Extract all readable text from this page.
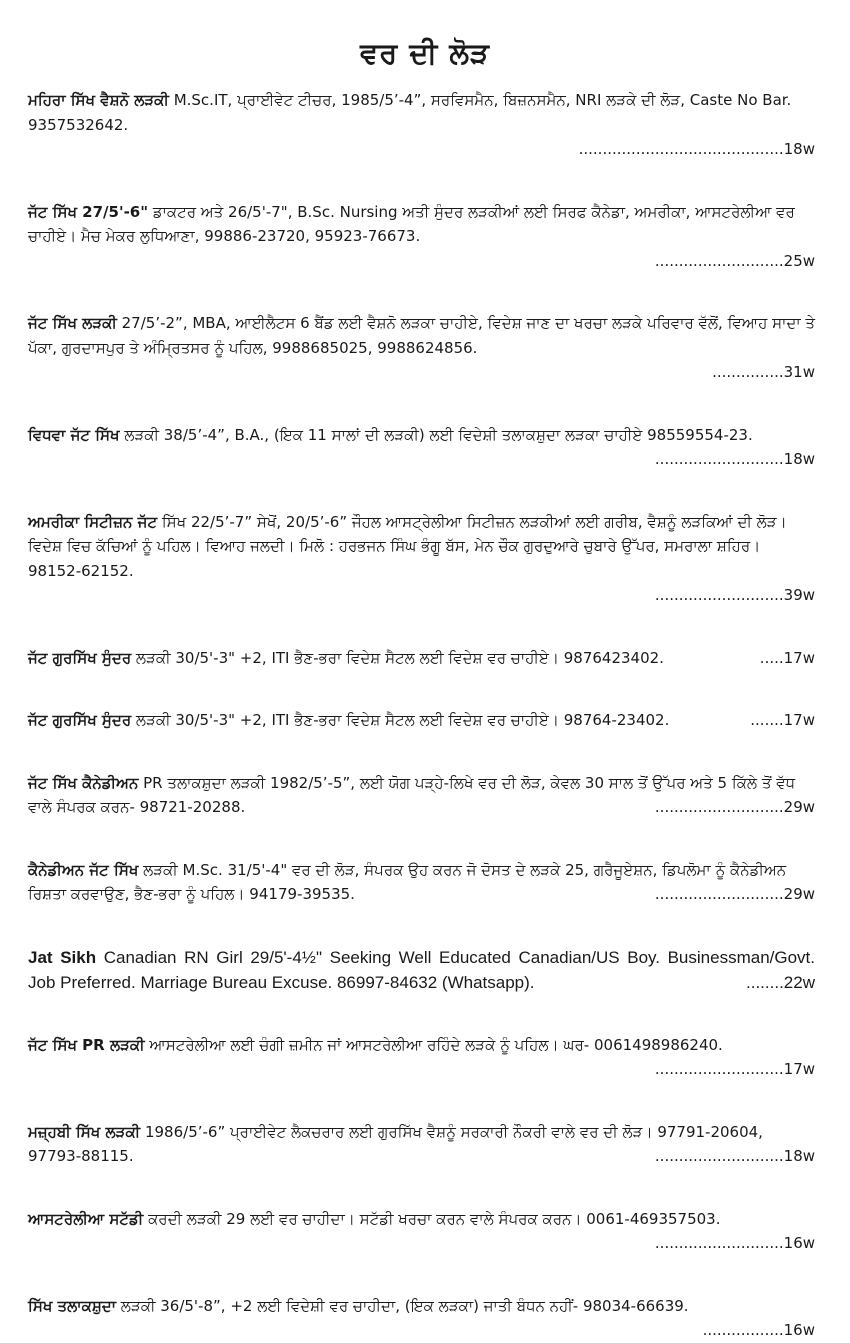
ਵਰ ਦੀ ਲੋੜ
ਮਹਿਰਾ ਸਿੱਖ ਵੈਸ਼ਨੋ ਲੜਕੀ M.Sc.IT, ਪ੍ਰਾਈਵੇਟ ਟੀਚਰ, 1985/5’-4”, ਸਰਵਿਸਮੈਨ, ਬਿਜ਼ਨਸਮੈਨ, NRI ਲੜਕੇ ਦੀ ਲੋੜ, Caste No Bar. 9357532642.
...........................................18w
ਜੱਟ ਸਿੱਖ 27/5'-6" ਡਾਕਟਰ ਅਤੇ 26/5'-7", B.Sc. Nursing ਅਤੀ ਸੁੰਦਰ ਲੜਕੀਆਂ ਲਈ ਸਿਰਫ ਕੈਨੇਡਾ, ਅਮਰੀਕਾ, ਆਸਟਰੇਲੀਆ ਵਰ ਚਾਹੀਏ। ਮੈਚ ਮੇਕਰ ਲੁਧਿਆਣਾ, 99886-23720, 95923-76673.
...........................25w
ਜੱਟ ਸਿੱਖ ਲੜਕੀ 27/5’-2”, MBA, ਆਈਲੈਟਸ 6 ਬੈਂਡ ਲਈ ਵੈਸ਼ਨੋ ਲੜਕਾ ਚਾਹੀਏ, ਵਿਦੇਸ਼ ਜਾਣ ਦਾ ਖਰਚਾ ਲੜਕੇ ਪਰਿਵਾਰ ਵੱਲੋਂ, ਵਿਆਹ ਸਾਦਾ ਤੇ ਪੱਕਾ, ਗੁਰਦਾਸਪੁਰ ਤੇ ਅੰਮ੍ਰਿਤਸਰ ਨੂੰ ਪਹਿਲ, 9988685025, 9988624856.
...............31w
ਵਿਧਵਾ ਜੱਟ ਸਿੱਖ ਲੜਕੀ 38/5’-4”, B.A., (ਇਕ 11 ਸਾਲਾਂ ਦੀ ਲੜਕੀ) ਲਈ ਵਿਦੇਸ਼ੀ ਤਲਾਕਸ਼ੁਦਾ ਲੜਕਾ ਚਾਹੀਏ 98559554-23.
...........................18w
ਅਮਰੀਕਾ ਸਿਟੀਜ਼ਨ ਜੱਟ ਸਿੱਖ 22/5’-7” ਸੇਖੋਂ, 20/5’-6” ਜੌਹਲ ਆਸਟ੍ਰੇਲੀਆ ਸਿਟੀਜ਼ਨ ਲੜਕੀਆਂ ਲਈ ਗਰੀਬ, ਵੈਸ਼ਨੂੰ ਲੜਕਿਆਂ ਦੀ ਲੋੜ। ਵਿਦੇਸ਼ ਵਿਚ ਕੱਚਿਆਂ ਨੂੰ ਪਹਿਲ। ਵਿਆਹ ਜਲਦੀ। ਮਿਲੋ : ਹਰਭਜਨ ਸਿੰਘ ਭੰਗੂ ਬੱਸ, ਮੇਨ ਚੌਕ ਗੁਰਦੁਆਰੇ ਚੁਬਾਰੇ ਉੱਪਰ, ਸਮਰਾਲਾ ਸ਼ਹਿਰ। 98152-62152.
...........................39w
ਜੱਟ ਗੁਰਸਿੱਖ ਸੁੰਦਰ ਲੜਕੀ 30/5'-3" +2, ITI ਭੈਣ-ਭਰਾ ਵਿਦੇਸ਼ ਸੈਟਲ ਲਈ ਵਿਦੇਸ਼ ਵਰ ਚਾਹੀਏ। 9876423402.	.....17w
ਜੱਟ ਗੁਰਸਿੱਖ ਸੁੰਦਰ ਲੜਕੀ 30/5'-3" +2, ITI ਭੈਣ-ਭਰਾ ਵਿਦੇਸ਼ ਸੈਟਲ ਲਈ ਵਿਦੇਸ਼ ਵਰ ਚਾਹੀਏ। 98764-23402.	.......17w
ਜੱਟ ਸਿੱਖ ਕੈਨੇਡੀਅਨ PR ਤਲਾਕਸ਼ੁਦਾ ਲੜਕੀ 1982/5’-5”, ਲਈ ਯੋਗ ਪੜ੍ਹੇ-ਲਿਖੇ ਵਰ ਦੀ ਲੋੜ, ਕੇਵਲ 30 ਸਾਲ ਤੋਂ ਉੱਪਰ ਅਤੇ 5 ਕਿੱਲੇ ਤੋਂ ਵੱਧ ਵਾਲੇ ਸੰਪਰਕ ਕਰਨ- 98721-20288.	...........................29w
ਕੈਨੇਡੀਅਨ ਜੱਟ ਸਿੱਖ ਲੜਕੀ M.Sc. 31/5'-4" ਵਰ ਦੀ ਲੋੜ, ਸੰਪਰਕ ਉਹ ਕਰਨ ਜੋ ਦੋਸਤ ਦੇ ਲੜਕੇ 25, ਗਰੈਜੂਏਸ਼ਨ, ਡਿਪਲੋਮਾ ਨੂੰ ਕੈਨੇਡੀਅਨ ਰਿਸ਼ਤਾ ਕਰਵਾਉਣ, ਭੈਣ-ਭਰਾ ਨੂੰ ਪਹਿਲ। 94179-39535.	...........................29w
Jat Sikh Canadian RN Girl 29/5'-4½" Seeking Well Educated Canadian/US Boy. Businessman/Govt. Job Preferred. Marriage Bureau Excuse. 86997-84632 (Whatsapp).	........22w
ਜੱਟ ਸਿੱਖ PR ਲੜਕੀ ਆਸਟਰੇਲੀਆ ਲਈ ਚੰਗੀ ਜ਼ਮੀਨ ਜਾਂ ਆਸਟਰੇਲੀਆ ਰਹਿੰਦੇ ਲੜਕੇ ਨੂੰ ਪਹਿਲ। ਘਰ- 0061498986240.
...........................17w
ਮਜ਼੍ਹਬੀ ਸਿੱਖ ਲੜਕੀ 1986/5’-6” ਪ੍ਰਾਈਵੇਟ ਲੈਕਚਰਾਰ ਲਈ ਗੁਰਸਿੱਖ ਵੈਸ਼ਨੂੰ ਸਰਕਾਰੀ ਨੌਕਰੀ ਵਾਲੇ ਵਰ ਦੀ ਲੋੜ। 97791-20604, 97793-88115.	...........................18w
ਆਸਟਰੇਲੀਆ ਸਟੱਡੀ ਕਰਦੀ ਲੜਕੀ 29 ਲਈ ਵਰ ਚਾਹੀਦਾ। ਸਟੱਡੀ ਖਰਚਾ ਕਰਨ ਵਾਲੇ ਸੰਪਰਕ ਕਰਨ। 0061-469357503.
...........................16w
ਸਿੱਖ ਤਲਾਕਸ਼ੁਦਾ ਲੜਕੀ 36/5'-8”, +2 ਲਈ ਵਿਦੇਸ਼ੀ ਵਰ ਚਾਹੀਦਾ, (ਇਕ ਲੜਕਾ) ਜਾਤੀ ਬੰਧਨ ਨਹੀਂ- 98034-66639.
.................16w
